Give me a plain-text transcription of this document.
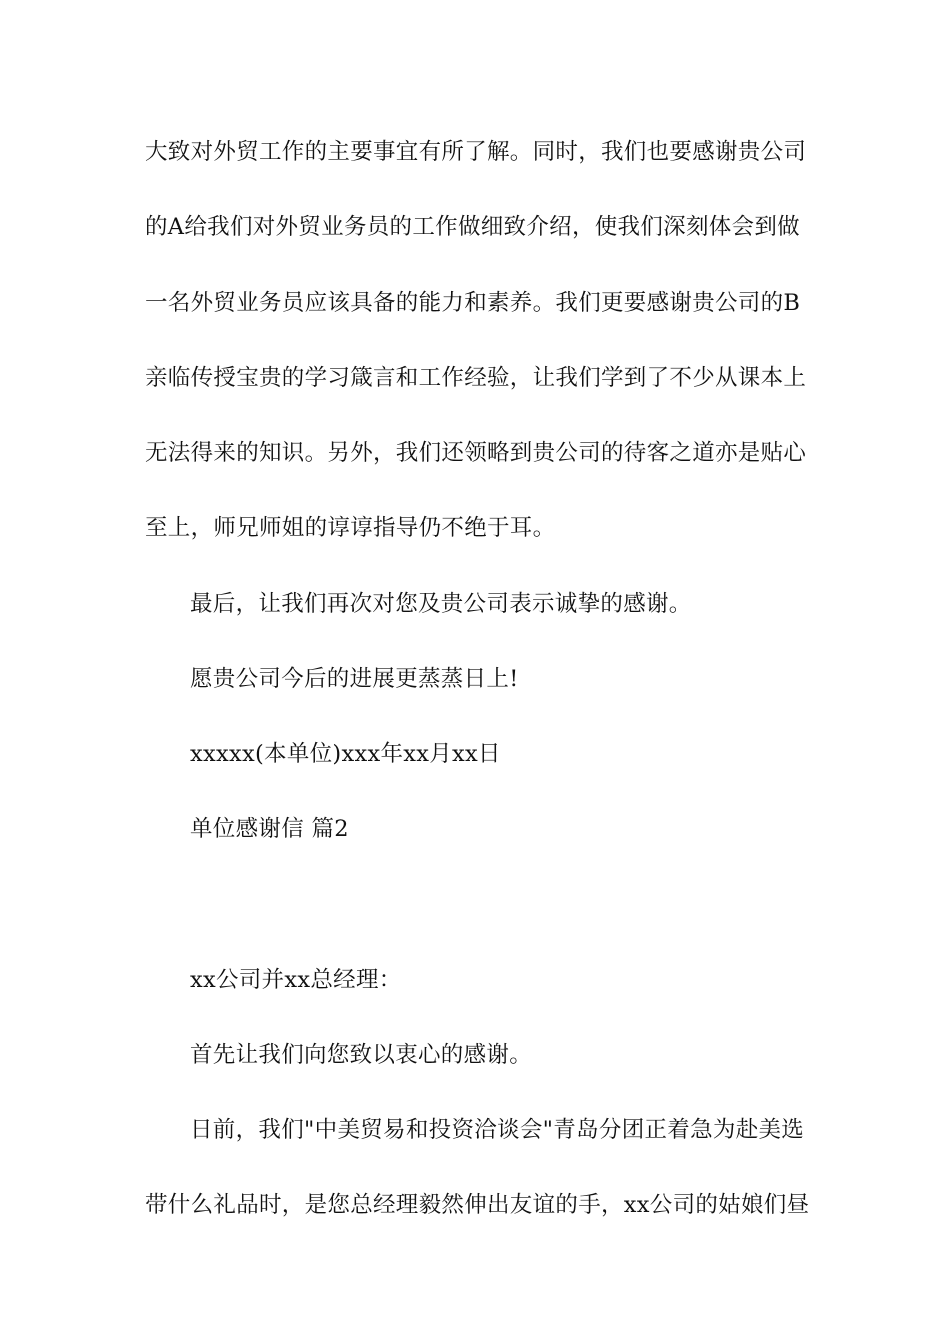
大致对外贸工作的主要事宜有所了解。同时，我们也要感谢贵公司
的A给我们对外贸业务员的工作做细致介绍，使我们深刻体会到做
一名外贸业务员应该具备的能力和素养。我们更要感谢贵公司的B
亲临传授宝贵的学习箴言和工作经验，让我们学到了不少从课本上
无法得来的知识。另外，我们还领略到贵公司的待客之道亦是贴心
至上，师兄师姐的谆谆指导仍不绝于耳。
最后，让我们再次对您及贵公司表示诚挚的感谢。
愿贵公司今后的进展更蒸蒸日上!
xxxxx(本单位)xxx年xx月xx日
单位感谢信 篇2
xx公司并xx总经理：
首先让我们向您致以衷心的感谢。
日前，我们"中美贸易和投资洽谈会"青岛分团正着急为赴美选
带什么礼品时，是您总经理毅然伸出友谊的手，xx公司的姑娘们昼
